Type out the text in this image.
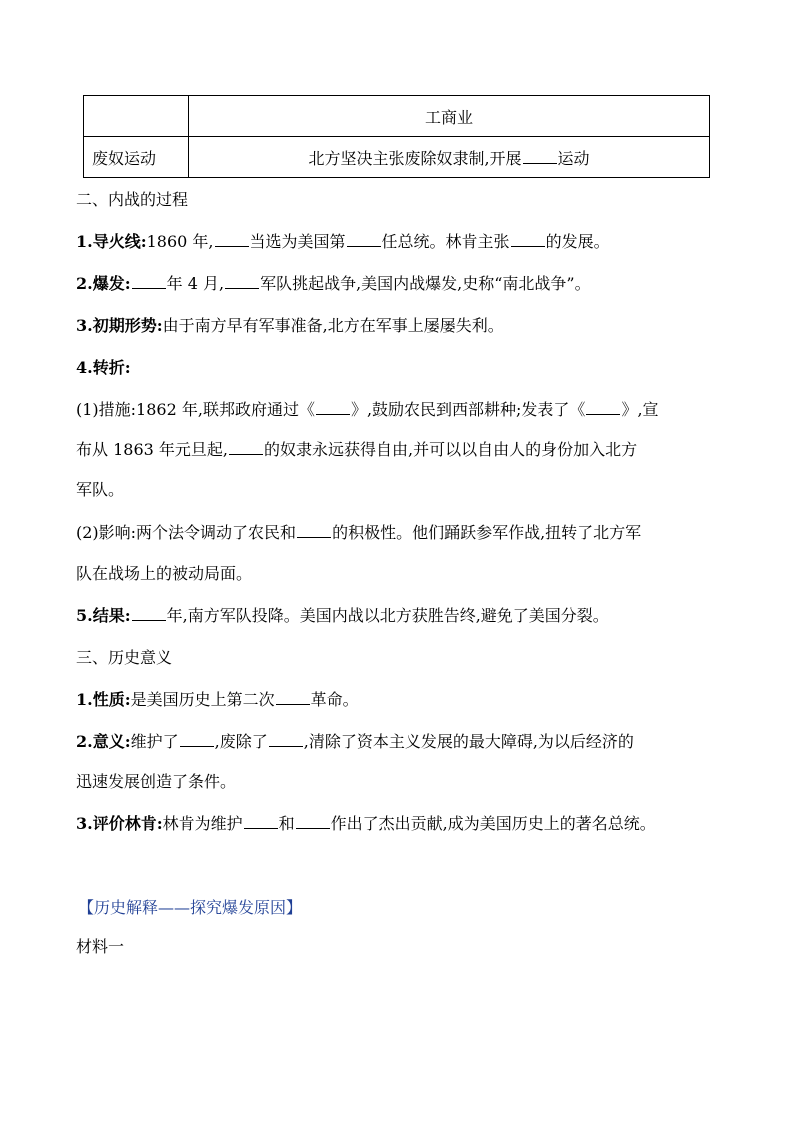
	工商业
废奴运动	北方坚决主张废除奴隶制,开展 运动
二、内战的过程
1.导火线:1860 年, 当选为美国第 任总统。林肯主张 的发展。
2.爆发: 年 4 月, 军队挑起战争,美国内战爆发,史称“南北战争”。
3.初期形势:由于南方早有军事准备,北方在军事上屡屡失利。
4.转折:
(1)措施:1862 年,联邦政府通过《 》,鼓励农民到西部耕种;发表了《 》,宣
布从 1863 年元旦起, 的奴隶永远获得自由,并可以以自由人的身份加入北方
军队。
(2)影响:两个法令调动了农民和 的积极性。他们踊跃参军作战,扭转了北方军
队在战场上的被动局面。
5.结果: 年,南方军队投降。美国内战以北方获胜告终,避免了美国分裂。
三、历史意义
1.性质:是美国历史上第二次 革命。
2.意义:维护了 ,废除了 ,清除了资本主义发展的最大障碍,为以后经济的
迅速发展创造了条件。
3.评价林肯:林肯为维护 和 作出了杰出贡献,成为美国历史上的著名总统。
【历史解释——探究爆发原因】
材料一
